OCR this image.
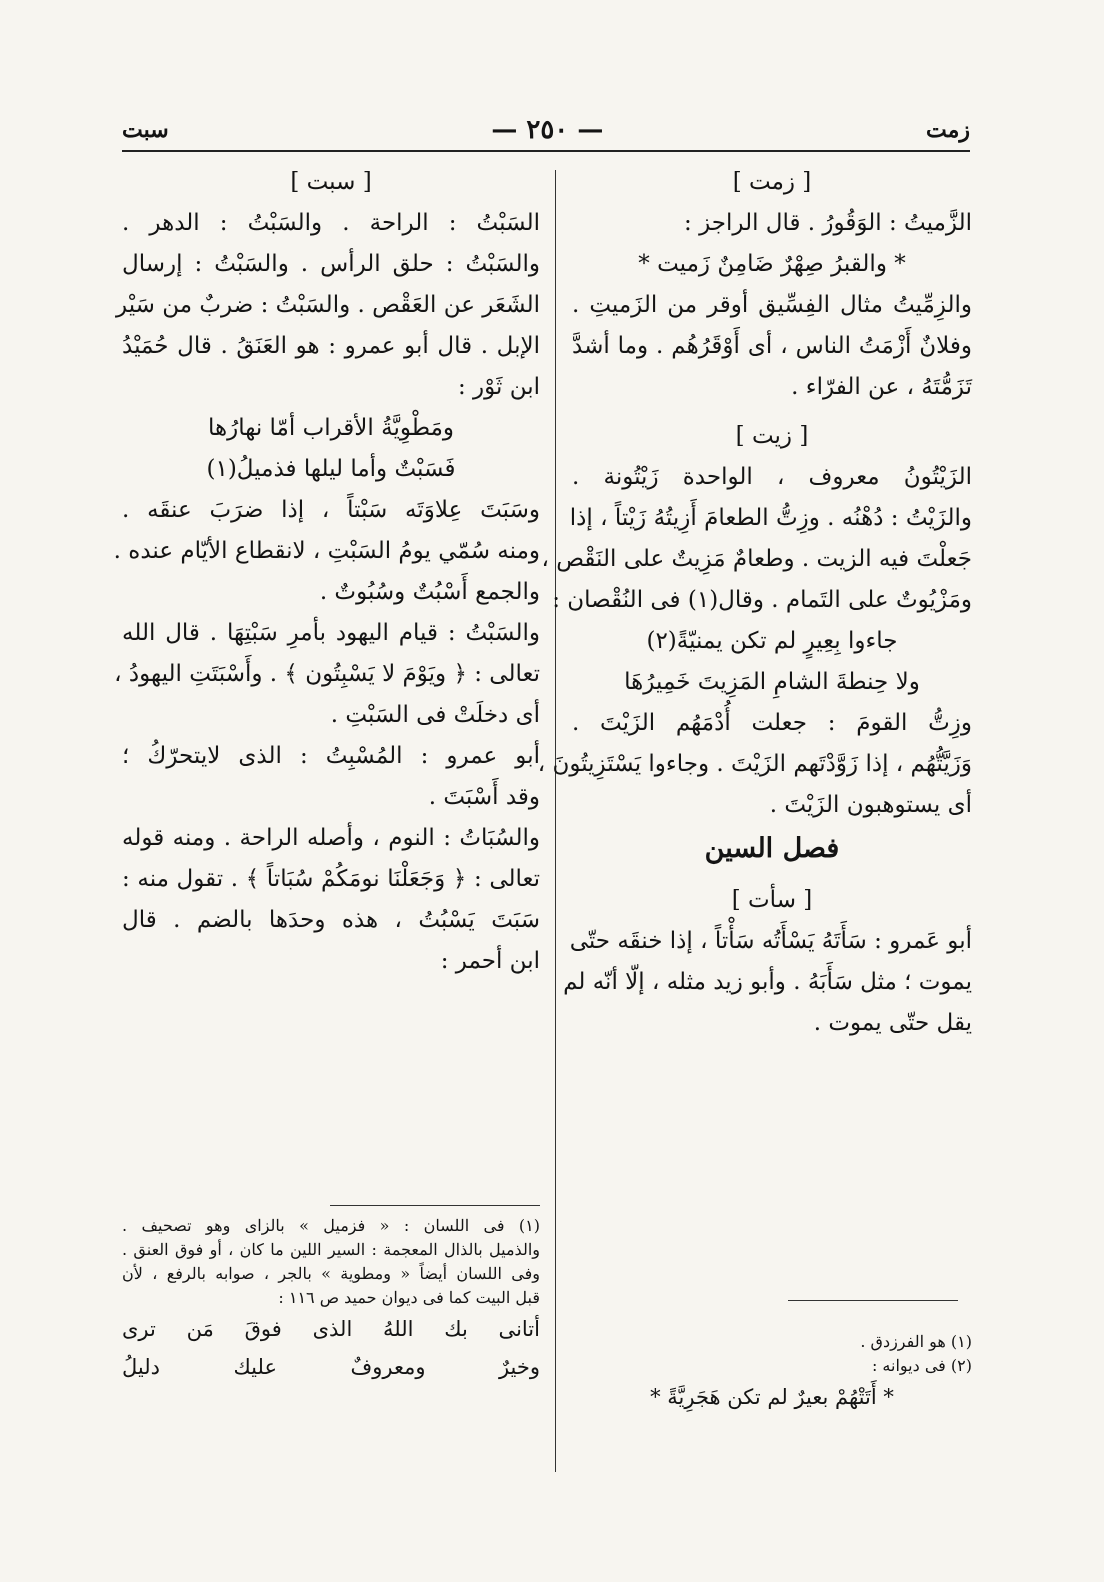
سبت	— ٢٥٠ —	زمت
[ زمت ]
الزَّميتُ : الوَقُورُ . قال الراجز :
* والقبرُ صِهْرٌ ضَامِنٌ زَميت *
والزِمِّيتُ مثال الفِسِّيق أوقر من الزَميتِ .
وفلانٌ أَزْمَتُ الناس ، أى أَوْقَرُهُم . وما أشدَّ
تَزَمُّتَهُ ، عن الفرّاء .
[ زيت ]
الزَيْتُونُ معروف ، الواحدة زَيْتُونة .
والزَيْتُ : دُهْنُه . وزِتُّ الطعامَ أَزِيتُهُ زَيْتاً ، إذا
جَعلْتَ فيه الزيت . وطعامٌ مَزِيتٌ على النَقْص ،
ومَزْيُوتٌ على التَمام . وقال(١) فى النُقْصان :
جاءوا بِعِيرٍ لم تكن يمنيّةً(٢)
ولا حِنطةَ الشامِ المَزِيتَ خَمِيرُهَا
وزِتُّ القومَ : جعلت أُدْمَهُم الزَيْتَ .
وَزَيَّتُّهُم ، إذا زَوَّدْتَهم الزَيْتَ . وجاءوا يَسْتَزِيتُونَ ،
أى يستوهبون الزَيْتَ .
فصل السين
[ سأت ]
أبو عَمرو : سَأَتَهُ يَسْأَتُه سَأْتاً ، إذا خنقَه حتّى
يموت ؛ مثل سَأَبَهُ . وأبو زيد مثله ، إلّا أنّه لم
يقل حتّى يموت .
[ سبت ]
السَبْتُ : الراحة . والسَبْتُ : الدهر .
والسَبْتُ : حلق الرأس . والسَبْتُ : إرسال
الشَعَر عن العَقْص . والسَبْتُ : ضربٌ من سَيْر
الإبل . قال أبو عمرو : هو العَنَقُ . قال حُمَيْدُ
ابن ثَوْر :
ومَطْوِيَّةُ الأقراب أمّا نهارُها
فَسَبْتٌ وأما ليلها فذميلُ(١)
وسَبَتَ عِلاوَتَه سَبْتاً ، إذا ضرَبَ عنقَه .
ومنه سُمّي يومُ السَبْتِ ، لانقطاع الأيّام عنده .
والجمع أَسْبُتٌ وسُبُوتٌ .
والسَبْتُ : قيام اليهود بأمرِ سَبْتِهَا . قال الله
تعالى : ﴿ ويَوْمَ لا يَسْبِتُون ﴾ . وأَسْبَتَتِ اليهودُ ،
أى دخلَتْ فى السَبْتِ .
أبو عمرو : المُسْبِتُ : الذى لايتحرّكُ ؛
وقد أَسْبَتَ .
والسُبَاتُ : النوم ، وأصله الراحة . ومنه قوله
تعالى : ﴿ وَجَعَلْنَا نومَكُمْ سُبَاتاً ﴾ . تقول منه :
سَبَتَ يَسْبُتُ ، هذه وحدَها بالضم . قال
ابن أحمر :
(١) هو الفرزدق .
(٢) فى ديوانه :
* أَتَتْهُمْ بعيرٌ لم تكن هَجَرِيَّةً *
(١) فى اللسان : « فزميل » بالزاى وهو تصحيف .
والذميل بالذال المعجمة : السير اللين ما كان ، أو فوق العنق .
وفى اللسان أيضاً « ومطوية » بالجر ، صوابه بالرفع ، لأن
قبل البيت كما فى ديوان حميد ص ١١٦ :
أتانى بك اللهُ الذى فوقَ مَن ترى
وخيرٌ ومعروفٌ عليك دليلُ
